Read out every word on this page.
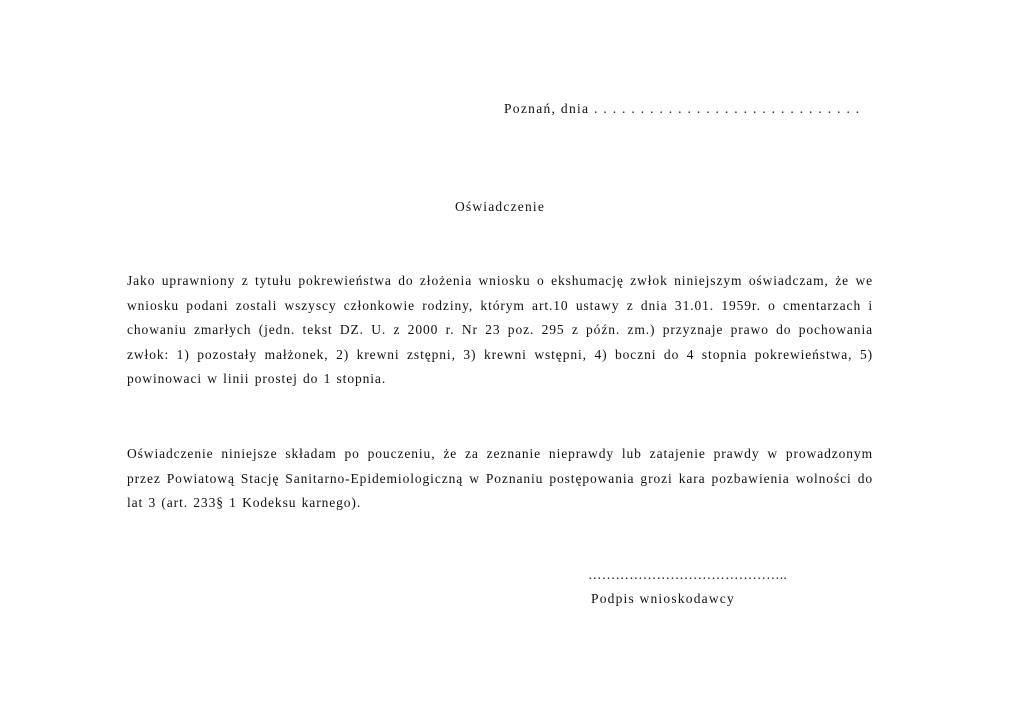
Poznań, dnia . . . . . . . . . . . . . . . . . . . . . . . . . . . . .
Oświadczenie

Jako uprawniony z tytułu pokrewieństwa do złożenia wniosku o ekshumację zwłok niniejszym oświadczam, że we wniosku podani zostali wszyscy członkowie rodziny, którym art.10 ustawy z dnia 31.01. 1959r. o cmentarzach i chowaniu zmarłych (jedn. tekst DZ. U. z 2000 r. Nr 23 poz. 295 z późn. zm.) przyznaje prawo do pochowania zwłok: 1) pozostały małżonek, 2) krewni zstępni, 3) krewni wstępni, 4) boczni do 4 stopnia pokrewieństwa, 5) powinowaci w linii prostej do 1 stopnia.

Oświadczenie niniejsze składam po pouczeniu, że za zeznanie nieprawdy lub zatajenie prawdy w prowadzonym przez Powiatową Stację Sanitarno-Epidemiologiczną w Poznaniu postępowania grozi kara pozbawienia wolności do lat 3 (art. 233§ 1 Kodeksu karnego).

……………………………………..
Podpis wnioskodawcy
